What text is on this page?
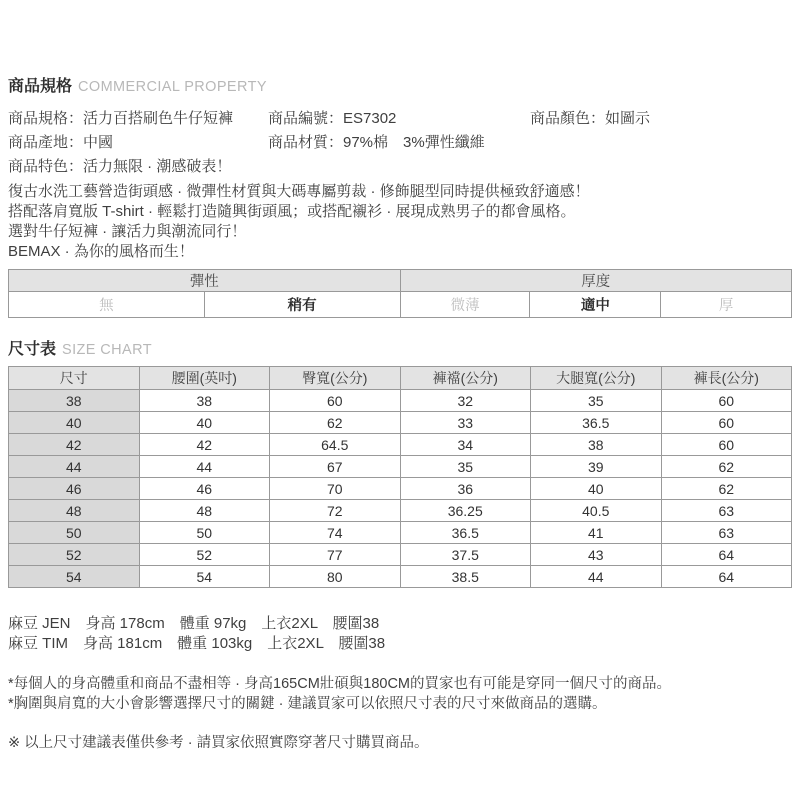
商品規格 COMMERCIAL PROPERTY
商品規格：活力百搭刷色牛仔短褲	商品編號：ES7302	商品顏色：如圖示
商品產地：中國	商品材質：97%棉　3%彈性纖維
商品特色：活力無限 · 潮感破表！
復古水洗工藝營造街頭感 · 微彈性材質與大碼專屬剪裁 · 修飾腿型同時提供極致舒適感！
搭配落肩寬版 T-shirt · 輕鬆打造隨興街頭風；或搭配襯衫 · 展現成熟男子的都會風格。
選對牛仔短褲 · 讓活力與潮流同行！
BEMAX · 為你的風格而生！
彈性		厚度		
無	稍有	微薄	適中	厚
尺寸表 SIZE CHART
尺寸	腰圍(英吋)	臀寬(公分)	褲襠(公分)	大腿寬(公分)	褲長(公分)
38	38	60	32	35	60
40	40	62	33	36.5	60
42	42	64.5	34	38	60
44	44	67	35	39	62
46	46	70	36	40	62
48	48	72	36.25	40.5	63
50	50	74	36.5	41	63
52	52	77	37.5	43	64
54	54	80	38.5	44	64
麻豆 JEN　身高 178cm　體重 97kg　上衣2XL　腰圍38
麻豆 TIM　身高 181cm　體重 103kg　上衣2XL　腰圍38
*每個人的身高體重和商品不盡相等 · 身高165CM壯碩與180CM的買家也有可能是穿同一個尺寸的商品。
*胸圍與肩寬的大小會影響選擇尺寸的關鍵 · 建議買家可以依照尺寸表的尺寸來做商品的選購。
※ 以上尺寸建議表僅供參考 · 請買家依照實際穿著尺寸購買商品。
